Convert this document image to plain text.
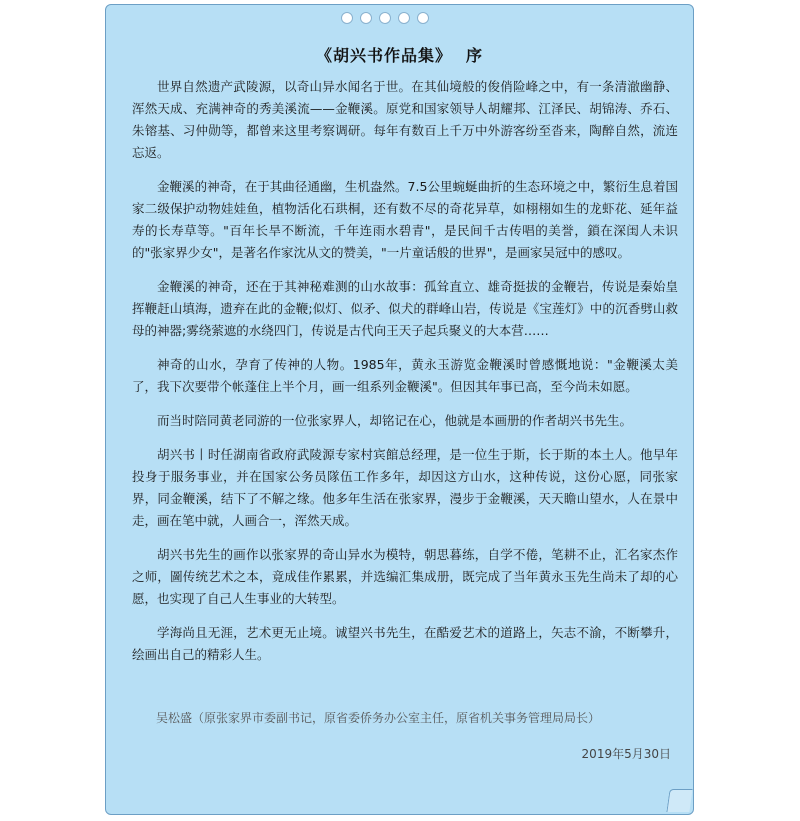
《胡兴书作品集》 序

世界自然遗产武陵源，以奇山异水闻名于世。在其仙境般的俊俏险峰之中，有一条清澈幽静、浑然天成、充满神奇的秀美溪流——金鞭溪。原党和国家领导人胡耀邦、江泽民、胡锦涛、乔石、朱镕基、习仲勋等，都曾来这里考察调研。每年有数百上千万中外游客纷至沓来，陶醉自然，流连忘返。

金鞭溪的神奇，在于其曲径通幽，生机盎然。7.5公里蜿蜒曲折的生态环境之中，繁衍生息着国家二级保护动物娃娃鱼，植物活化石珙桐，还有数不尽的奇花异草，如栩栩如生的龙虾花、延年益寿的长寿草等。"百年长旱不断流，千年连雨水碧青"，是民间千古传唱的美誉，鎖在深闺人未识的"张家界少女"，是著名作家沈从文的赞美，"一片童话般的世界"，是画家吴冠中的感叹。

金鞭溪的神奇，还在于其神秘难测的山水故事：孤耸直立、雄奇挺拔的金鞭岩，传说是秦始皇挥鞭赶山填海，遗弃在此的金鞭;似灯、似矛、似犬的群峰山岩，传说是《宝莲灯》中的沉香劈山救母的神器;雾绕萦遮的水绕四门，传说是古代向王天子起兵聚义的大本营……

神奇的山水，孕育了传神的人物。1985年，黄永玉游览金鞭溪时曾感慨地说："金鞭溪太美了，我下次要带个帐蓬住上半个月，画一组系列金鞭溪"。但因其年事已高，至今尚未如愿。

而当时陪同黄老同游的一位张家界人，却铭记在心，他就是本画册的作者胡兴书先生。

胡兴书丨时任湖南省政府武陵源专家村宾館总经理，是一位生于斯，长于斯的本土人。他早年投身于服务事业，并在国家公务员隊伍工作多年，却因这方山水，这种传说，这份心愿，同张家界，同金鞭溪，结下了不解之缘。他多年生活在张家界，漫步于金鞭溪，天天瞻山望水，人在景中走，画在笔中就，人画合一，浑然天成。

胡兴书先生的画作以张家界的奇山异水为模特，朝思暮练，自学不倦，笔耕不止，汇名家杰作之师，圖传统艺术之本，竟成佳作累累，并选编汇集成册，既完成了当年黄永玉先生尚未了却的心愿，也实现了自己人生事业的大转型。

学海尚且无涯，艺术更无止境。诚望兴书先生，在酷爱艺术的道路上，矢志不渝，不断攀升，绘画出自己的精彩人生。

吴松盛（原张家界市委副书记，原省委侨务办公室主任，原省机关事务管理局局长）
2019年5月30日
